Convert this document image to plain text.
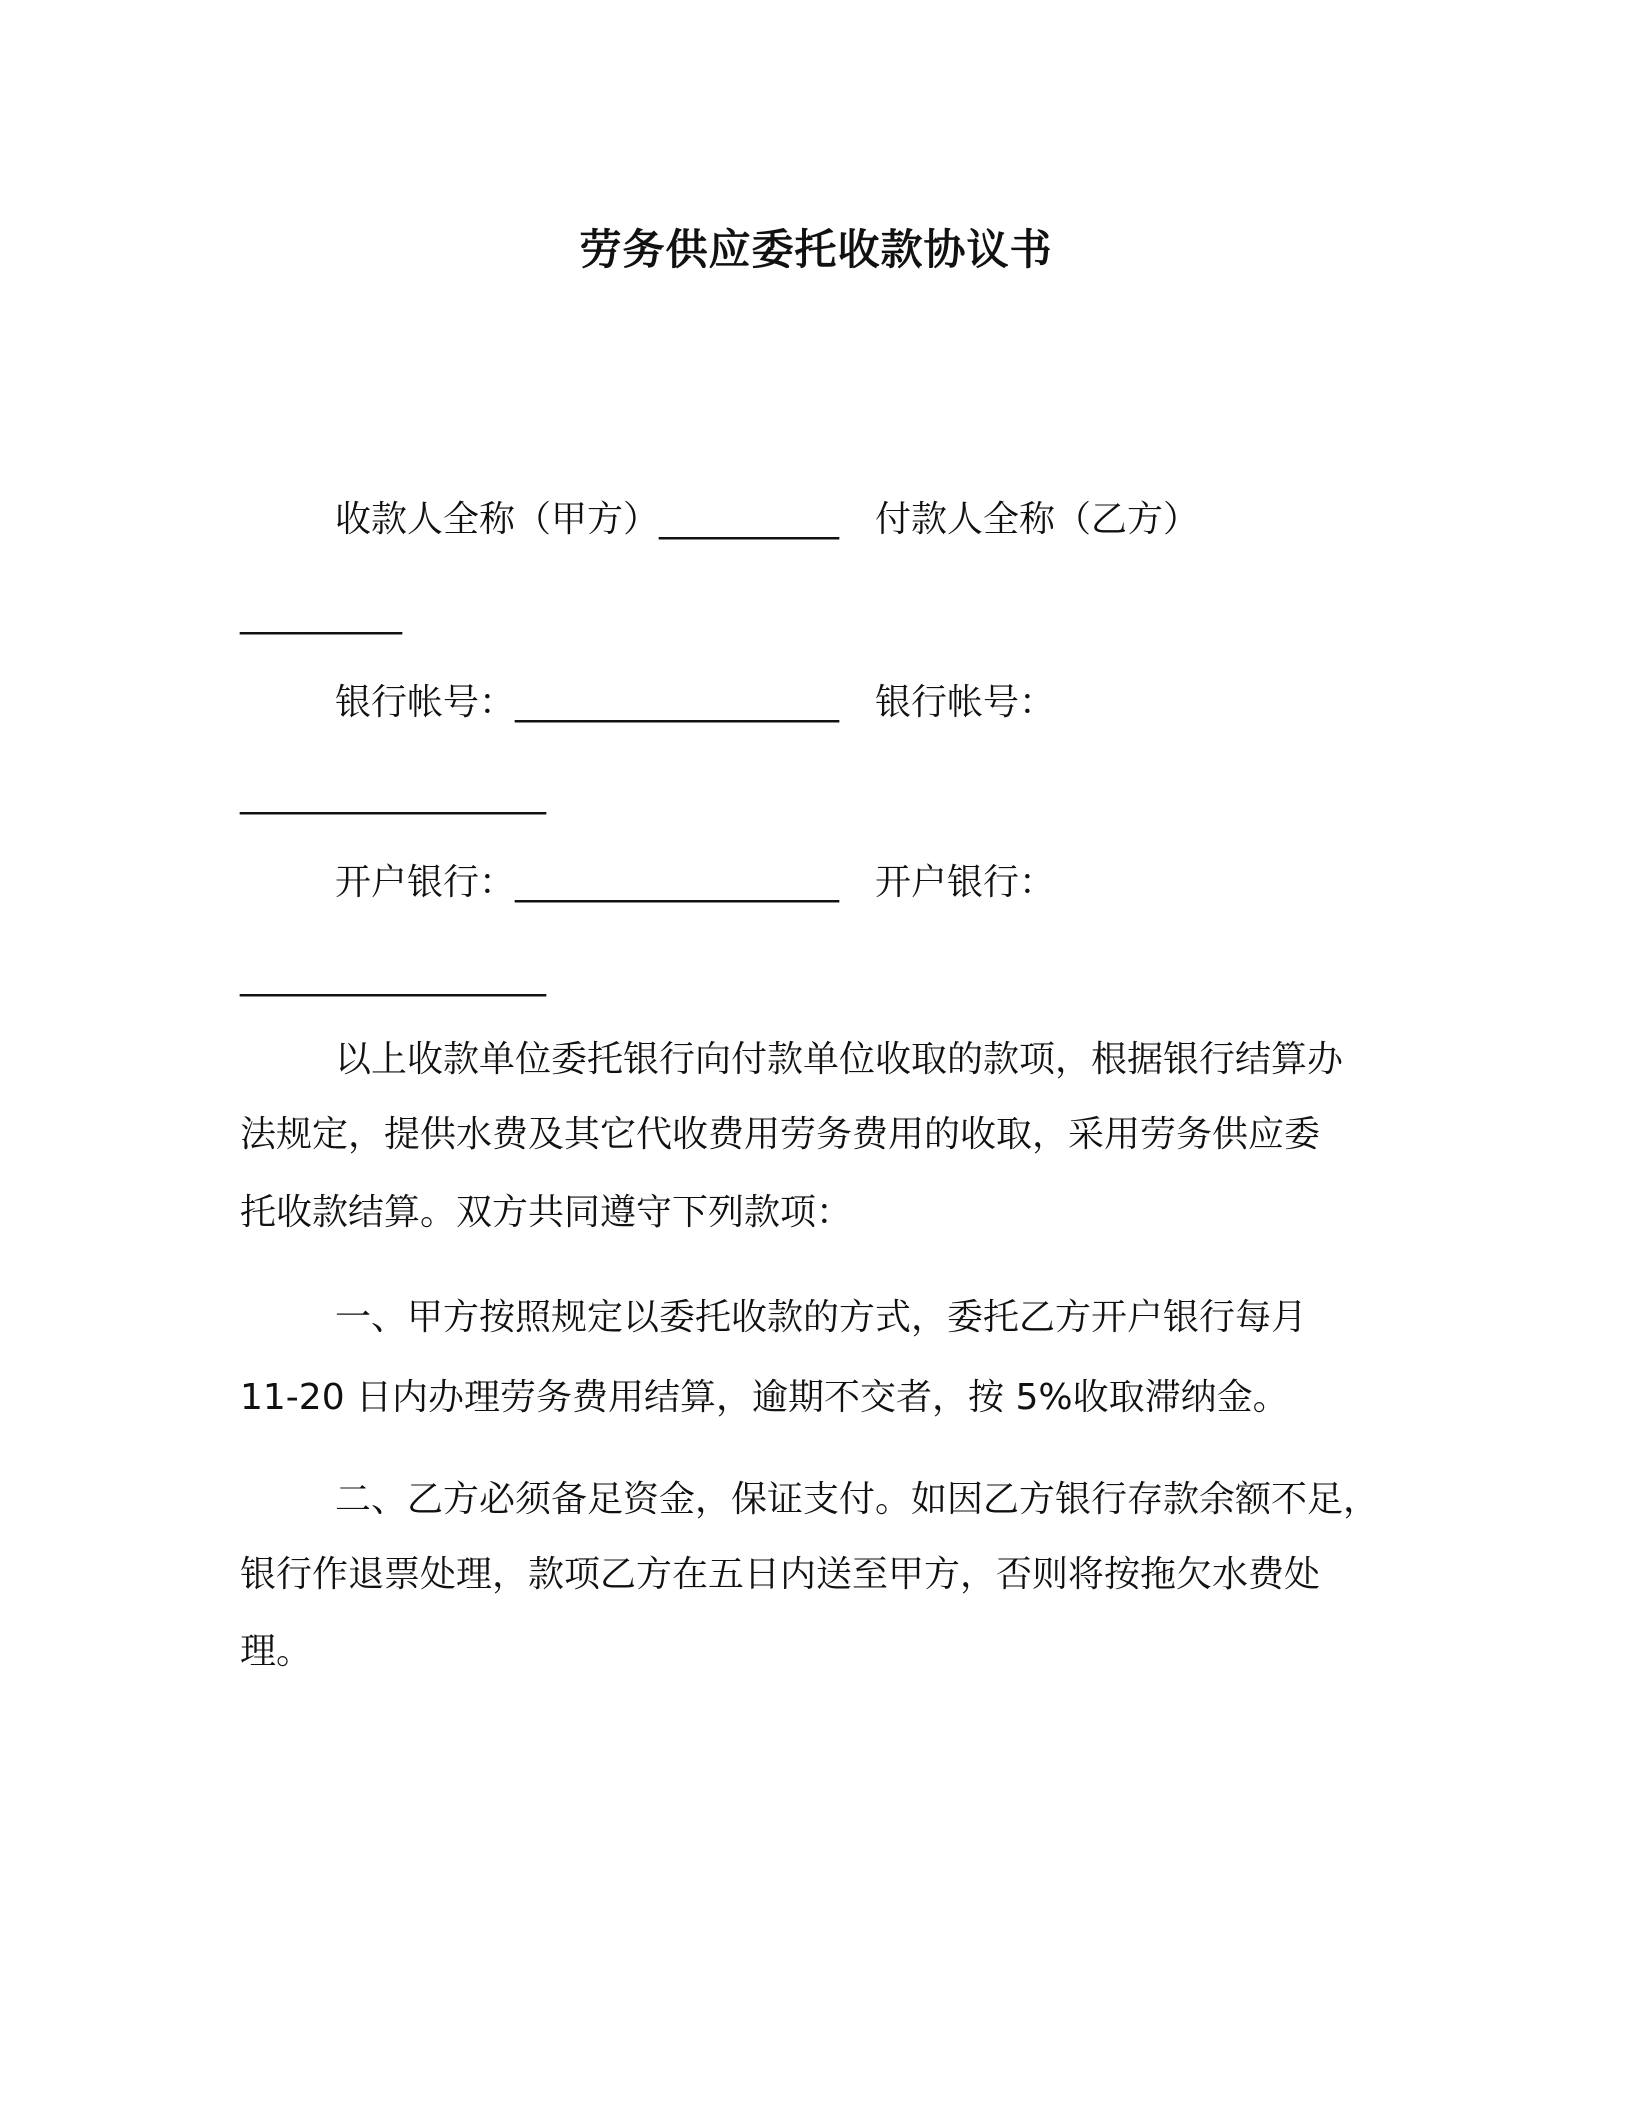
劳务供应委托收款协议书
收款人全称（甲方）__________ 付款人全称（乙方）
_________
银行帐号：__________________ 银行帐号：
_________________
开户银行：__________________ 开户银行：
_________________
以上收款单位委托银行向付款单位收取的款项，根据银行结算办
法规定，提供水费及其它代收费用劳务费用的收取，采用劳务供应委
托收款结算。双方共同遵守下列款项：
一、甲方按照规定以委托收款的方式，委托乙方开户银行每月
11-20 日内办理劳务费用结算，逾期不交者，按 5%收取滞纳金。
二、乙方必须备足资金，保证支付。如因乙方银行存款余额不足，
银行作退票处理，款项乙方在五日内送至甲方，否则将按拖欠水费处
理。
